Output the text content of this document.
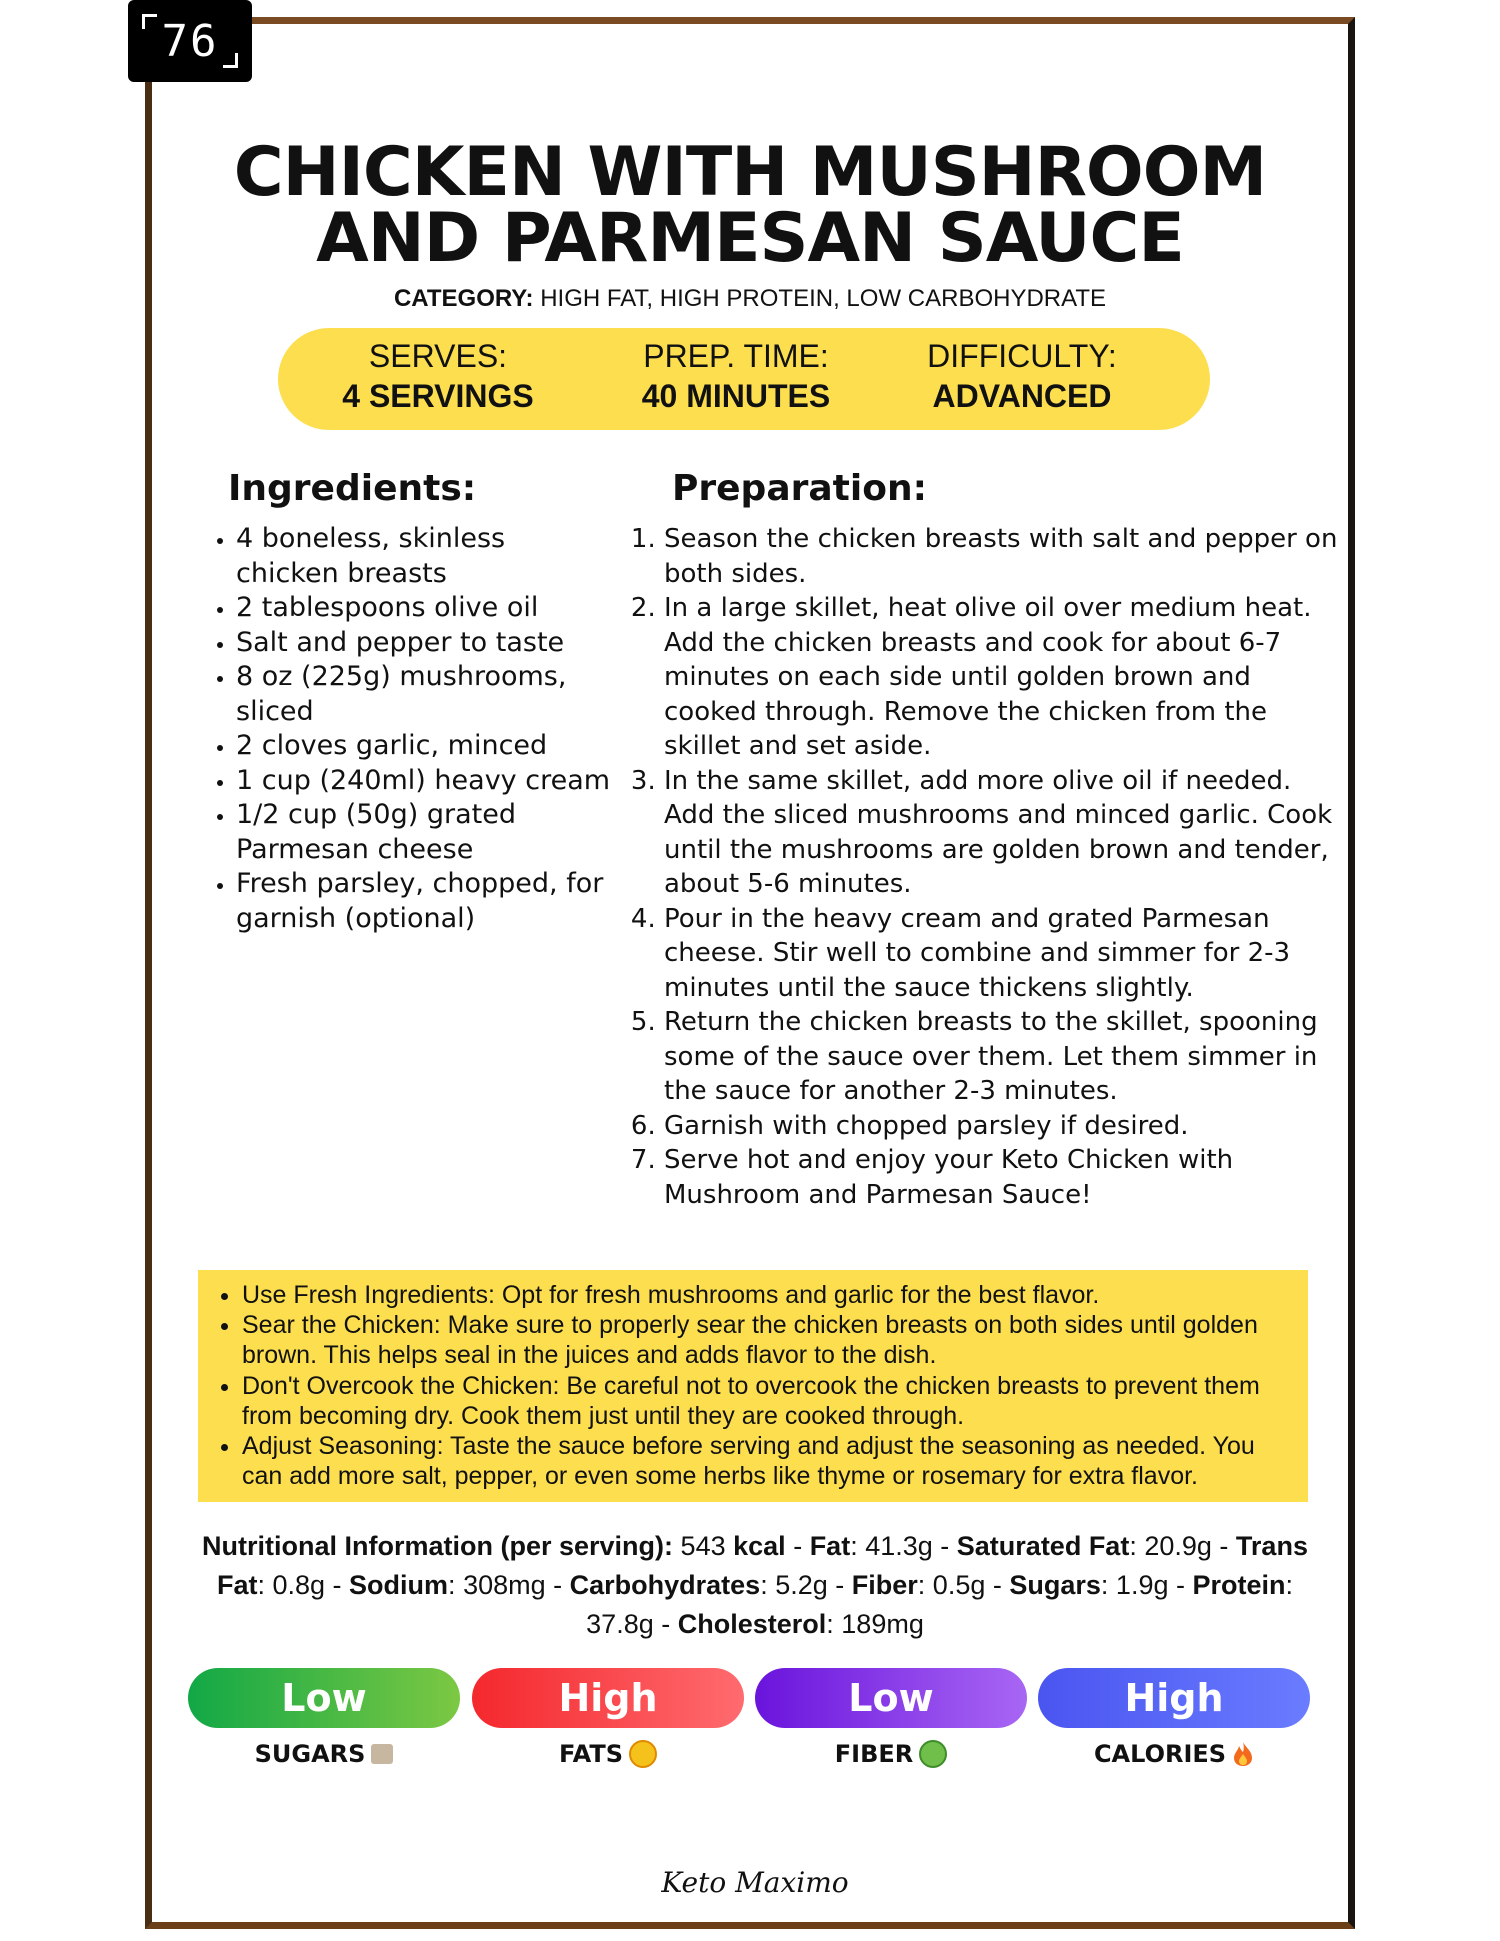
76
CHICKEN WITH MUSHROOM AND PARMESAN SAUCE
CATEGORY: HIGH FAT, HIGH PROTEIN, LOW CARBOHYDRATE
SERVES:
4 SERVINGS
PREP. TIME:
40 MINUTES
DIFFICULTY:
ADVANCED
Ingredients:	Preparation:
• 4 boneless, skinless chicken breasts
• 2 tablespoons olive oil
• Salt and pepper to taste
• 8 oz (225g) mushrooms, sliced
• 2 cloves garlic, minced
• 1 cup (240ml) heavy cream
• 1/2 cup (50g) grated Parmesan cheese
• Fresh parsley, chopped, for garnish (optional)
1. Season the chicken breasts with salt and pepper on both sides.
2. In a large skillet, heat olive oil over medium heat. Add the chicken breasts and cook for about 6-7 minutes on each side until golden brown and cooked through. Remove the chicken from the skillet and set aside.
3. In the same skillet, add more olive oil if needed. Add the sliced mushrooms and minced garlic. Cook until the mushrooms are golden brown and tender, about 5-6 minutes.
4. Pour in the heavy cream and grated Parmesan cheese. Stir well to combine and simmer for 2-3 minutes until the sauce thickens slightly.
5. Return the chicken breasts to the skillet, spooning some of the sauce over them. Let them simmer in the sauce for another 2-3 minutes.
6. Garnish with chopped parsley if desired.
7. Serve hot and enjoy your Keto Chicken with Mushroom and Parmesan Sauce!
• Use Fresh Ingredients: Opt for fresh mushrooms and garlic for the best flavor.
• Sear the Chicken: Make sure to properly sear the chicken breasts on both sides until golden brown. This helps seal in the juices and adds flavor to the dish.
• Don't Overcook the Chicken: Be careful not to overcook the chicken breasts to prevent them from becoming dry. Cook them just until they are cooked through.
• Adjust Seasoning: Taste the sauce before serving and adjust the seasoning as needed. You can add more salt, pepper, or even some herbs like thyme or rosemary for extra flavor.
Nutritional Information (per serving): 543 kcal - Fat: 41.3g - Saturated Fat: 20.9g - Trans Fat: 0.8g - Sodium: 308mg - Carbohydrates: 5.2g - Fiber: 0.5g - Sugars: 1.9g - Protein: 37.8g - Cholesterol: 189mg
Low
SUGARS
High
FATS
Low
FIBER
High
CALORIES
Keto Maximo
